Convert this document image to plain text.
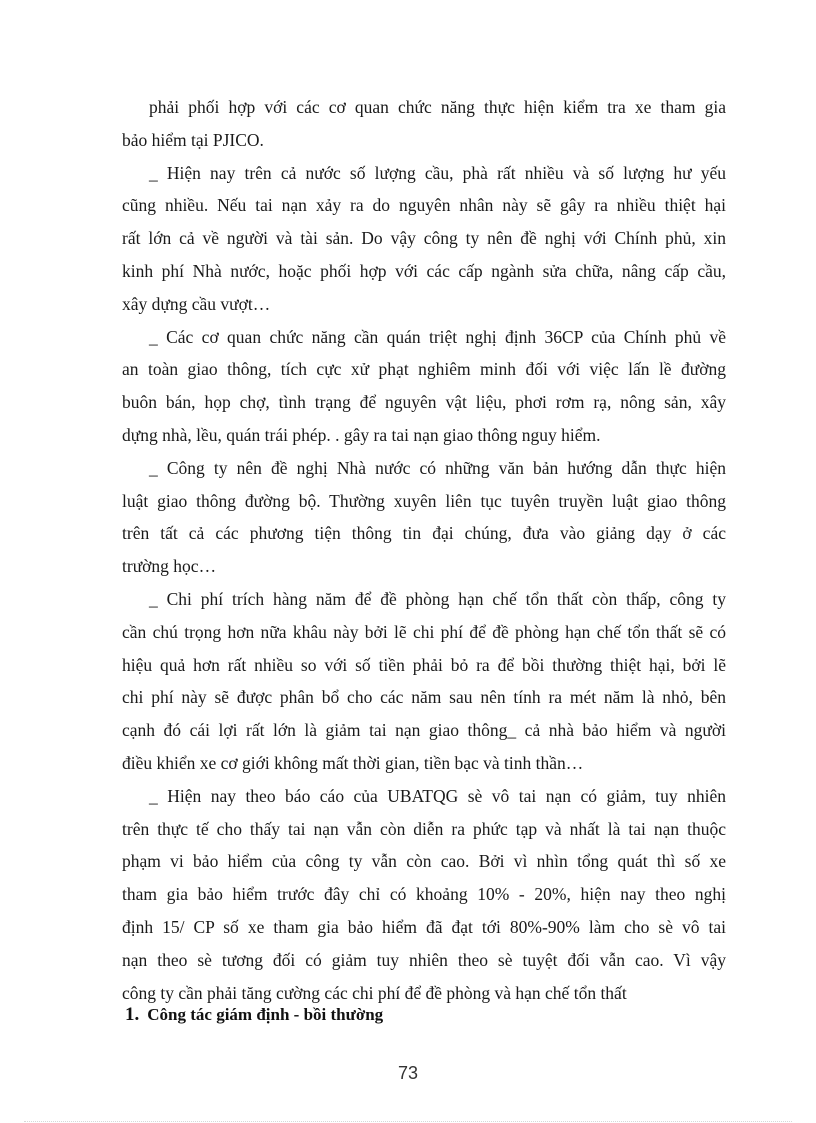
phải phối hợp với các cơ quan chức năng thực hiện kiểm tra xe tham gia
bảo hiểm tại PJICO.
_ Hiện nay trên cả nước số lượng cầu, phà rất nhiều và số lượng hư yếu
cũng nhiều. Nếu tai nạn xảy ra do nguyên nhân này sẽ gây ra nhiều thiệt hại
rất lớn cả về người và tài sản. Do vậy công ty nên đề nghị với Chính phủ, xin
kinh phí Nhà nước, hoặc phối hợp với các cấp ngành sửa chữa, nâng cấp cầu,
xây dựng cầu vượt…
_ Các cơ quan chức năng cần quán triệt nghị định 36CP của Chính phủ về
an toàn giao thông, tích cực xử phạt nghiêm minh đối với việc lấn lề đường
buôn bán, họp chợ, tình trạng để nguyên vật liệu, phơi rơm rạ, nông sản, xây
dựng nhà, lều, quán trái phép. . gây ra tai nạn giao thông nguy hiểm.
_ Công ty nên đề nghị Nhà nước có những văn bản hướng dẫn thực hiện
luật giao thông đường bộ. Thường xuyên liên tục tuyên truyền luật giao thông
trên tất cả các phương tiện thông tin đại chúng, đưa vào giảng dạy ở các
trường học…
_ Chi phí trích hàng năm để đề phòng hạn chế tổn thất còn thấp, công ty
cần chú trọng hơn nữa khâu này bởi lẽ chi phí để đề phòng hạn chế tổn thất sẽ có
hiệu quả hơn rất nhiều so với số tiền phải bỏ ra để bồi thường thiệt hại, bởi lẽ
chi phí này sẽ được phân bổ cho các năm sau nên tính ra mét năm là nhỏ, bên
cạnh đó cái lợi rất lớn là giảm tai nạn giao thông_ cả nhà bảo hiểm và người
điều khiển xe cơ giới không mất thời gian, tiền bạc và tinh thần…
_ Hiện nay theo báo cáo của UBATQG sè vô tai nạn có giảm, tuy nhiên
trên thực tế cho thấy tai nạn vẫn còn diễn ra phức tạp và nhất là tai nạn thuộc
phạm vi bảo hiểm của công ty vẫn còn cao. Bởi vì nhìn tổng quát thì số xe
tham gia bảo hiểm trước đây chỉ có khoảng 10% - 20%, hiện nay theo nghị
định 15/ CP số xe tham gia bảo hiểm đã đạt tới 80%-90% làm cho sè vô tai
nạn theo sè tương đối có giảm tuy nhiên theo sè tuyệt đối vẫn cao. Vì vậy
công ty cần phải tăng cường các chi phí để đề phòng và hạn chế tổn thất
1. Công tác giám định - bồi thường
73
